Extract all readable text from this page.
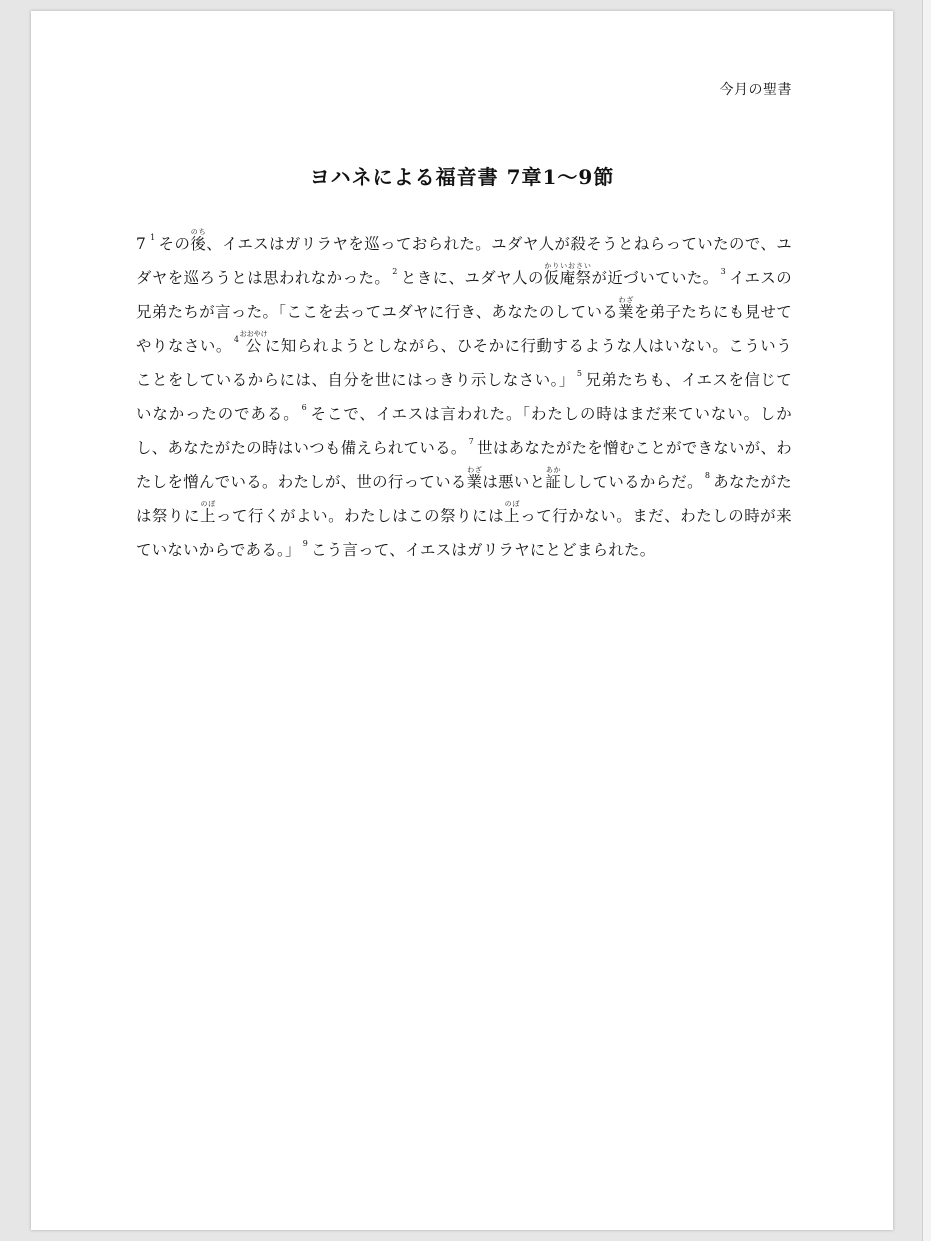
今月の聖書
ヨハネによる福音書 7章1〜9節
7 $^1$ その後のち、イエスはガリラヤを巡っておられた。ユダヤ人が殺そうとねらっていたので、ユダヤを巡ろうとは思われなかった。 $^2$ ときに、ユダヤ人の仮庵祭かりいおさいが近づいていた。 $^3$ イエスの兄弟たちが言った。「ここを去ってユダヤに行き、あなたのしている業わざを弟子たちにも見せてやりなさい。 $^4$公おおやけに知られようとしながら、ひそかに行動するような人はいない。こういうことをしているからには、自分を世にはっきり示しなさい。」 $^5$ 兄弟たちも、イエスを信じていなかったのである。 $^6$ そこで、イエスは言われた。「わたしの時はまだ来ていない。しかし、あなたがたの時はいつも備えられている。 $^7$ 世はあなたがたを憎むことができないが、わたしを憎んでいる。わたしが、世の行っている業わざは悪いと証あかししているからだ。 $^8$ あなたがたは祭りに上のぼって行くがよい。わたしはこの祭りには上のぼって行かない。まだ、わたしの時が来ていないからである。」 $^9$ こう言って、イエスはガリラヤにとどまられた。
